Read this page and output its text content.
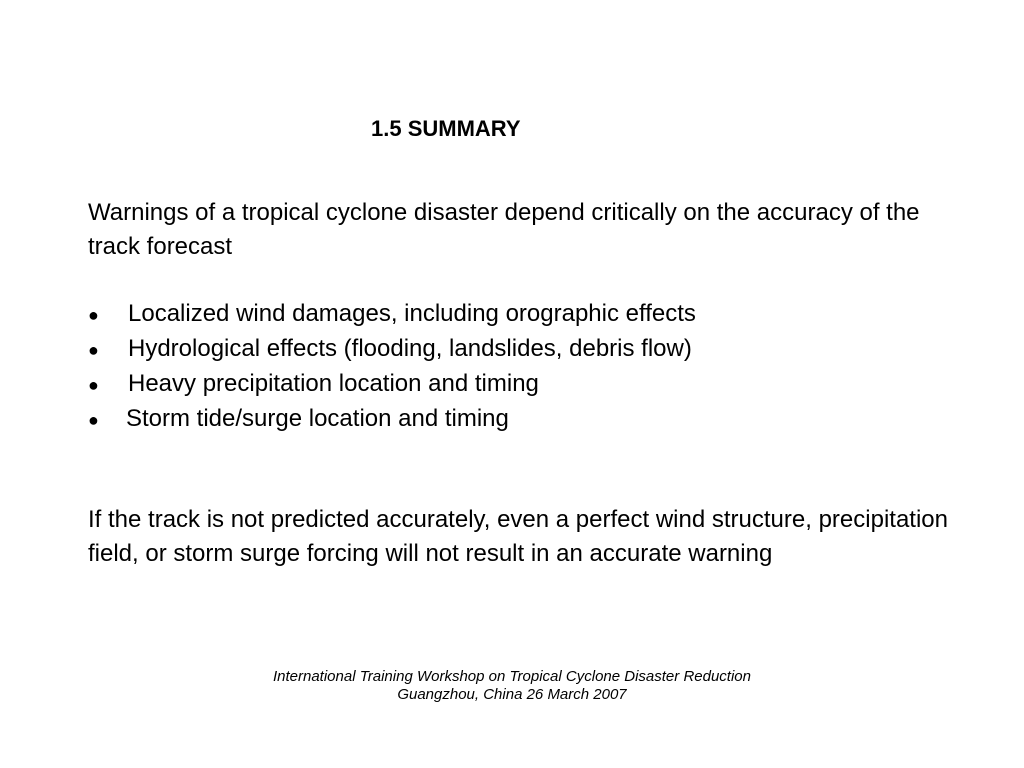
1.5 SUMMARY
Warnings of a tropical cyclone disaster depend critically on the accuracy of the track forecast
● Localized wind damages, including orographic effects
● Hydrological effects (flooding, landslides, debris flow)
● Heavy precipitation location and timing
● Storm tide/surge location and timing
If the track is not predicted accurately, even a perfect wind structure, precipitation field, or storm surge forcing will not result in an accurate warning
International Training Workshop on Tropical Cyclone Disaster Reduction
Guangzhou, China 26 March 2007
